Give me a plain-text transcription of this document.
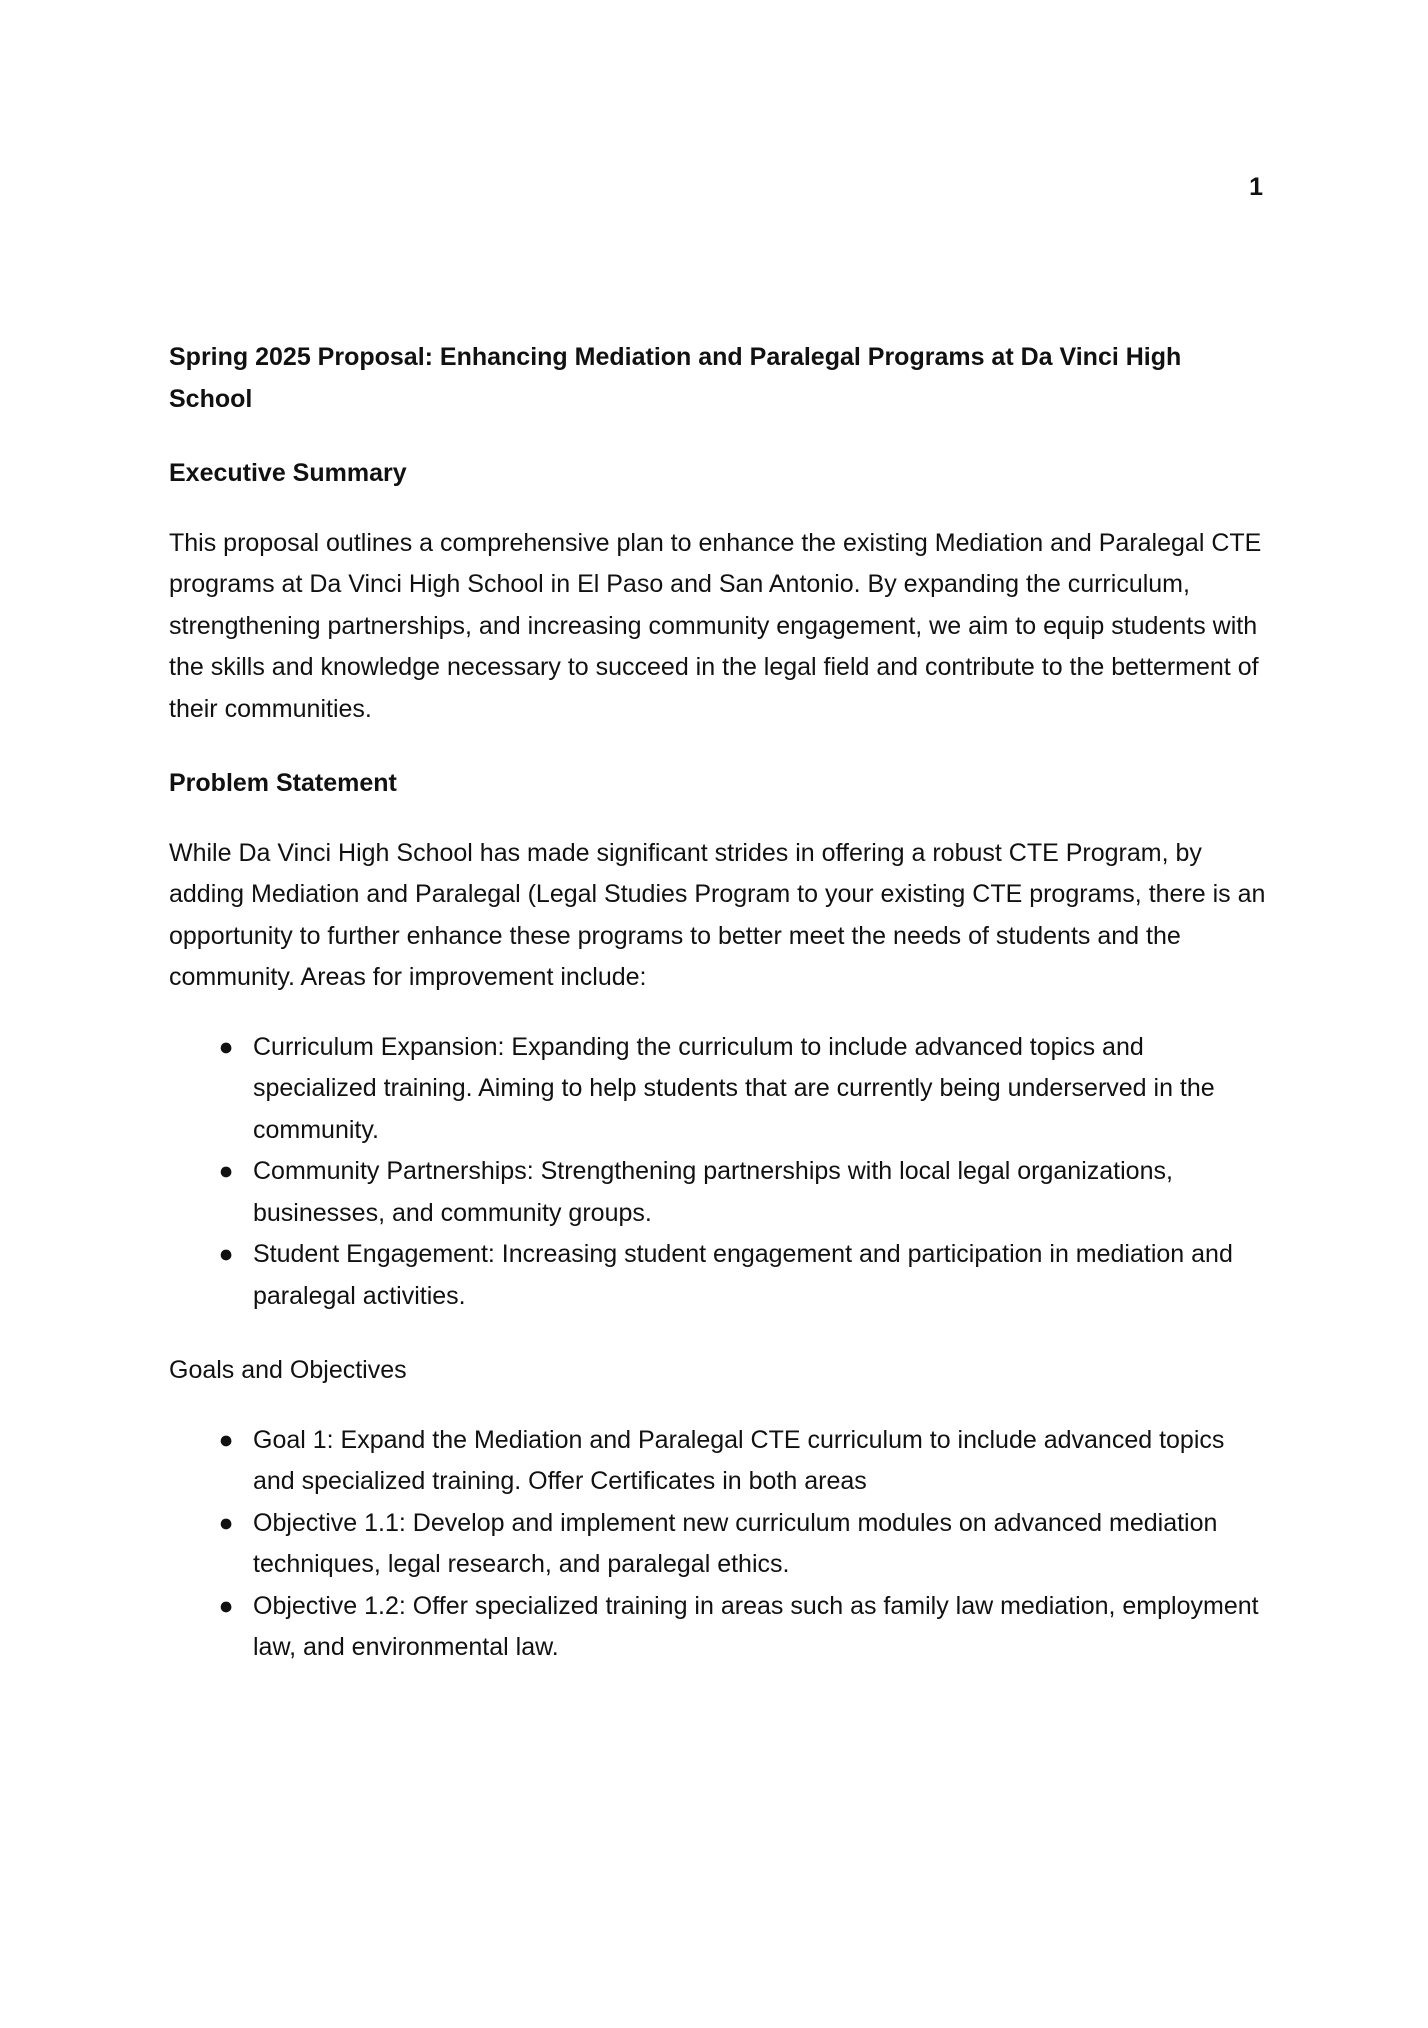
1

Spring 2025 Proposal: Enhancing Mediation and Paralegal Programs at Da Vinci High School

Executive Summary

This proposal outlines a comprehensive plan to enhance the existing Mediation and Paralegal CTE programs at Da Vinci High School in El Paso and San Antonio. By expanding the curriculum, strengthening partnerships, and increasing community engagement, we aim to equip students with the skills and knowledge necessary to succeed in the legal field and contribute to the betterment of their communities.

Problem Statement

While Da Vinci High School has made significant strides in offering a robust CTE Program, by adding Mediation and Paralegal (Legal Studies Program to your existing CTE programs, there is an opportunity to further enhance these programs to better meet the needs of students and the community. Areas for improvement include:

● Curriculum Expansion: Expanding the curriculum to include advanced topics and specialized training. Aiming to help students that are currently being underserved in the community.
● Community Partnerships: Strengthening partnerships with local legal organizations, businesses, and community groups.
● Student Engagement: Increasing student engagement and participation in mediation and paralegal activities.

Goals and Objectives

● Goal 1: Expand the Mediation and Paralegal CTE curriculum to include advanced topics and specialized training. Offer Certificates in both areas
● Objective 1.1: Develop and implement new curriculum modules on advanced mediation techniques, legal research, and paralegal ethics.
● Objective 1.2: Offer specialized training in areas such as family law mediation, employment law, and environmental law.
